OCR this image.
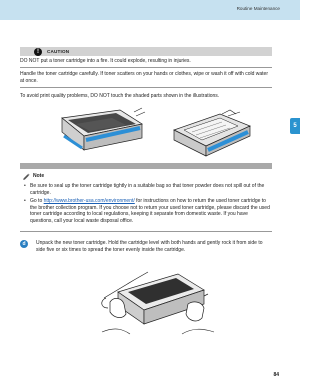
Routine Maintenance
5
!	CAUTION

DO NOT put a toner cartridge into a fire. It could explode, resulting in injuries.

Handle the toner cartridge carefully. If toner scatters on your hands or clothes, wipe or wash it off with cold water at once.

To avoid print quality problems, DO NOT touch the shaded parts shown in the illustrations.

Note
• Be sure to seal up the toner cartridge tightly in a suitable bag so that toner powder does not spill out of the cartridge.
• Go to http://www.brother-usa.com/environment/ for instructions on how to return the used toner cartridge to the brother collection program. If you choose not to return your used toner cartridge, please discard the used toner cartridge according to local regulations, keeping it separate from domestic waste. If you have questions, call your local waste disposal office.
d	Unpack the new toner cartridge. Hold the cartridge level with both hands and gently rock it from side to side five or six times to spread the toner evenly inside the cartridge.
84
